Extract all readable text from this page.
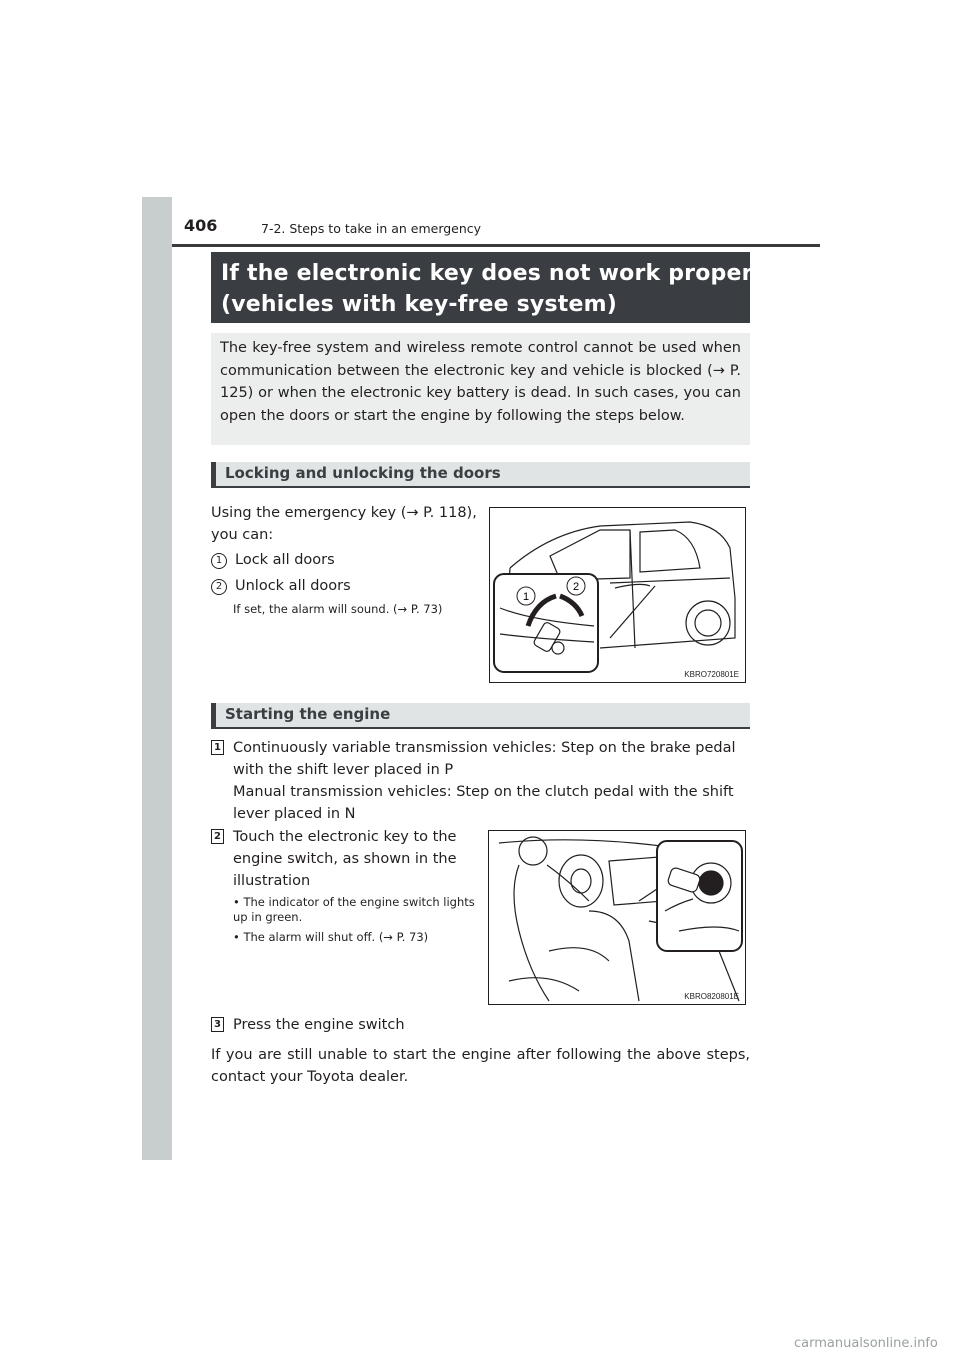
406	7-2. Steps to take in an emergency
If the electronic key does not work properly
(vehicles with key-free system)
The key-free system and wireless remote control cannot be used when communication between the electronic key and vehicle is blocked (→ P. 125) or when the electronic key battery is dead. In such cases, you can open the doors or start the engine by following the steps below.
Locking and unlocking the doors
Using the emergency key (→ P. 118),
you can:
1 Lock all doors
2 Unlock all doors
If set, the alarm will sound. (→ P. 73)
1
2
KBRO720801E
Starting the engine
1 Continuously variable transmission vehicles: Step on the brake pedal
with the shift lever placed in P
Manual transmission vehicles: Step on the clutch pedal with the shift
lever placed in N
2 Touch the electronic key to the
engine switch, as shown in the
illustration
• The indicator of the engine switch lights up in green.
• The alarm will shut off. (→ P. 73)
KBRO820801E
3 Press the engine switch
If you are still unable to start the engine after following the above steps, contact your Toyota dealer.
carmanualsonline.info
